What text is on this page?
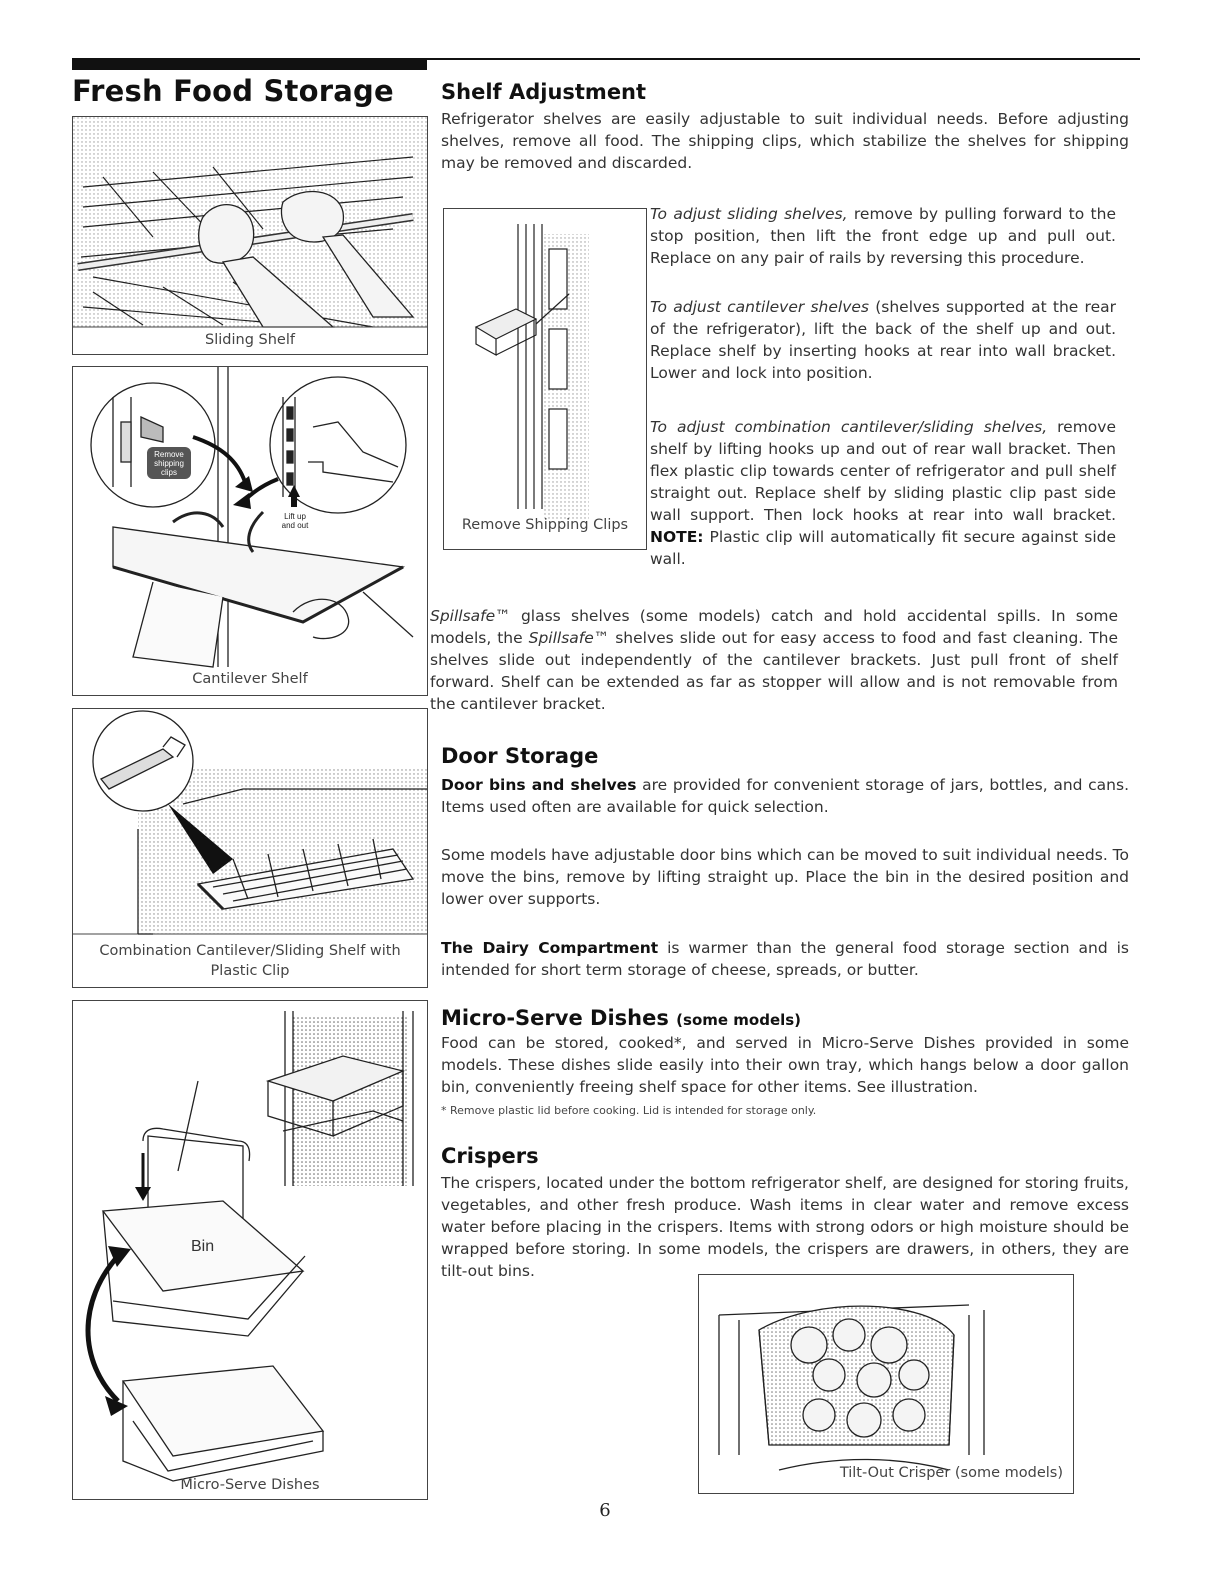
Fresh Food Storage
Sliding Shelf
Remove
shipping
clips
Lift up
and out
Cantilever Shelf
Combination Cantilever/Sliding Shelf with
Plastic Clip
Bin
Micro-Serve Dishes
Shelf Adjustment

Refrigerator shelves are easily adjustable to suit individual needs. Before adjusting shelves, remove all food. The shipping clips, which stabilize the shelves for shipping may be removed and discarded.

Remove Shipping Clips

To adjust sliding shelves, remove by pulling forward to the stop position, then lift the front edge up and pull out. Replace on any pair of rails by reversing this procedure.

To adjust cantilever shelves (shelves supported at the rear of the refrigerator), lift the back of the shelf up and out. Replace shelf by inserting hooks at rear into wall bracket. Lower and lock into position.

To adjust combination cantilever/sliding shelves, remove shelf by lifting hooks up and out of rear wall bracket. Then flex plastic clip towards center of refrigerator and pull shelf straight out. Replace shelf by sliding plastic clip past side wall support. Then lock hooks at rear into wall bracket. NOTE: Plastic clip will automatically fit secure against side wall.

Spillsafe™ glass shelves (some models) catch and hold accidental spills. In some models, the Spillsafe™ shelves slide out for easy access to food and fast cleaning. The shelves slide out independently of the cantilever brackets. Just pull front of shelf forward. Shelf can be extended as far as stopper will allow and is not removable from the cantilever bracket.

Door Storage

Door bins and shelves are provided for convenient storage of jars, bottles, and cans. Items used often are available for quick selection.

Some models have adjustable door bins which can be moved to suit individual needs. To move the bins, remove by lifting straight up. Place the bin in the desired position and lower over supports.

The Dairy Compartment is warmer than the general food storage section and is intended for short term storage of cheese, spreads, or butter.

Micro-Serve Dishes (some models)

Food can be stored, cooked*, and served in Micro-Serve Dishes provided in some models. These dishes slide easily into their own tray, which hangs below a door gallon bin, conveniently freeing shelf space for other items. See illustration.

* Remove plastic lid before cooking. Lid is intended for storage only.

Crispers

The crispers, located under the bottom refrigerator shelf, are designed for storing fruits, vegetables, and other fresh produce. Wash items in clear water and remove excess water before placing in the crispers. Items with strong odors or high moisture should be wrapped before storing. In some models, the crispers are drawers, in others, they are tilt-out bins.

Tilt-Out Crisper (some models)
6
